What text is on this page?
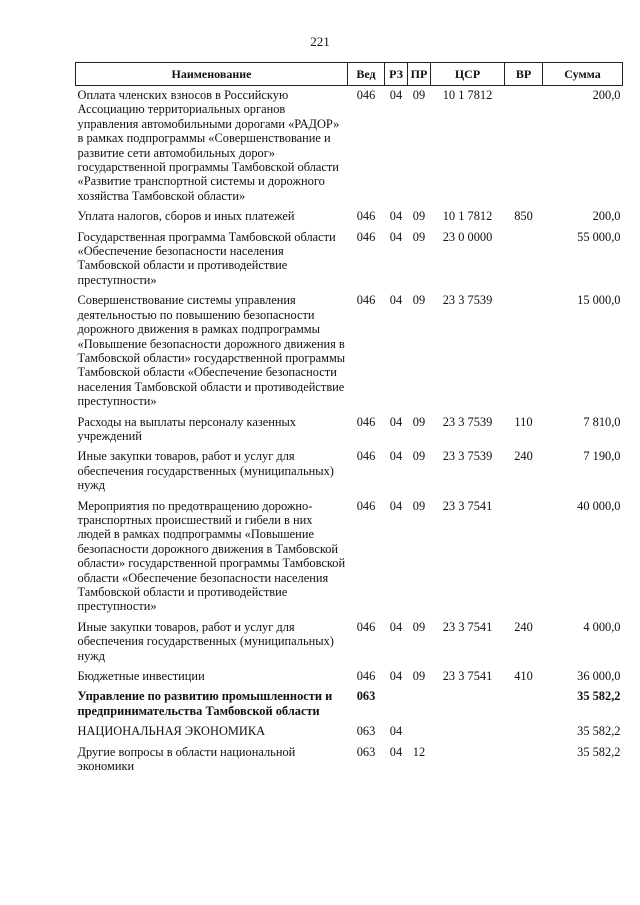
221
Наименование	Вед	РЗ	ПР	ЦСР	ВР	Сумма
Оплата членских взносов в Российскую Ассоциацию территориальных органов управления автомобильными дорогами «РАДОР» в рамках подпрограммы «Совершенствование и развитие сети автомобильных дорог» государственной программы Тамбовской области «Развитие транспортной системы и дорожного хозяйства Тамбовской области»	046	04	09	10 1 7812		200,0
Уплата налогов, сборов и иных платежей	046	04	09	10 1 7812	850	200,0
Государственная программа Тамбовской области «Обеспечение безопасности населения Тамбовской области и противодействие преступности»	046	04	09	23 0 0000		55 000,0
Совершенствование системы управления деятельностью по повышению безопасности дорожного движения в рамках подпрограммы «Повышение безопасности дорожного движения в Тамбовской области» государственной программы Тамбовской области «Обеспечение безопасности населения Тамбовской области и противодействие преступности»	046	04	09	23 3 7539		15 000,0
Расходы на выплаты персоналу казенных учреждений	046	04	09	23 3 7539	110	7 810,0
Иные закупки товаров, работ и услуг для обеспечения государственных (муниципальных) нужд	046	04	09	23 3 7539	240	7 190,0
Мероприятия по предотвращению дорожно-транспортных происшествий и гибели в них людей в рамках подпрограммы «Повышение безопасности дорожного движения в Тамбовской области» государственной программы Тамбовской области «Обеспечение безопасности населения Тамбовской области и противодействие преступности»	046	04	09	23 3 7541		40 000,0
Иные закупки товаров, работ и услуг для обеспечения государственных (муниципальных) нужд	046	04	09	23 3 7541	240	4 000,0
Бюджетные инвестиции	046	04	09	23 3 7541	410	36 000,0
Управление по развитию промышленности и предпринимательства Тамбовской области	063					35 582,2
НАЦИОНАЛЬНАЯ ЭКОНОМИКА	063	04				35 582,2
Другие вопросы в области национальной экономики	063	04	12			35 582,2
